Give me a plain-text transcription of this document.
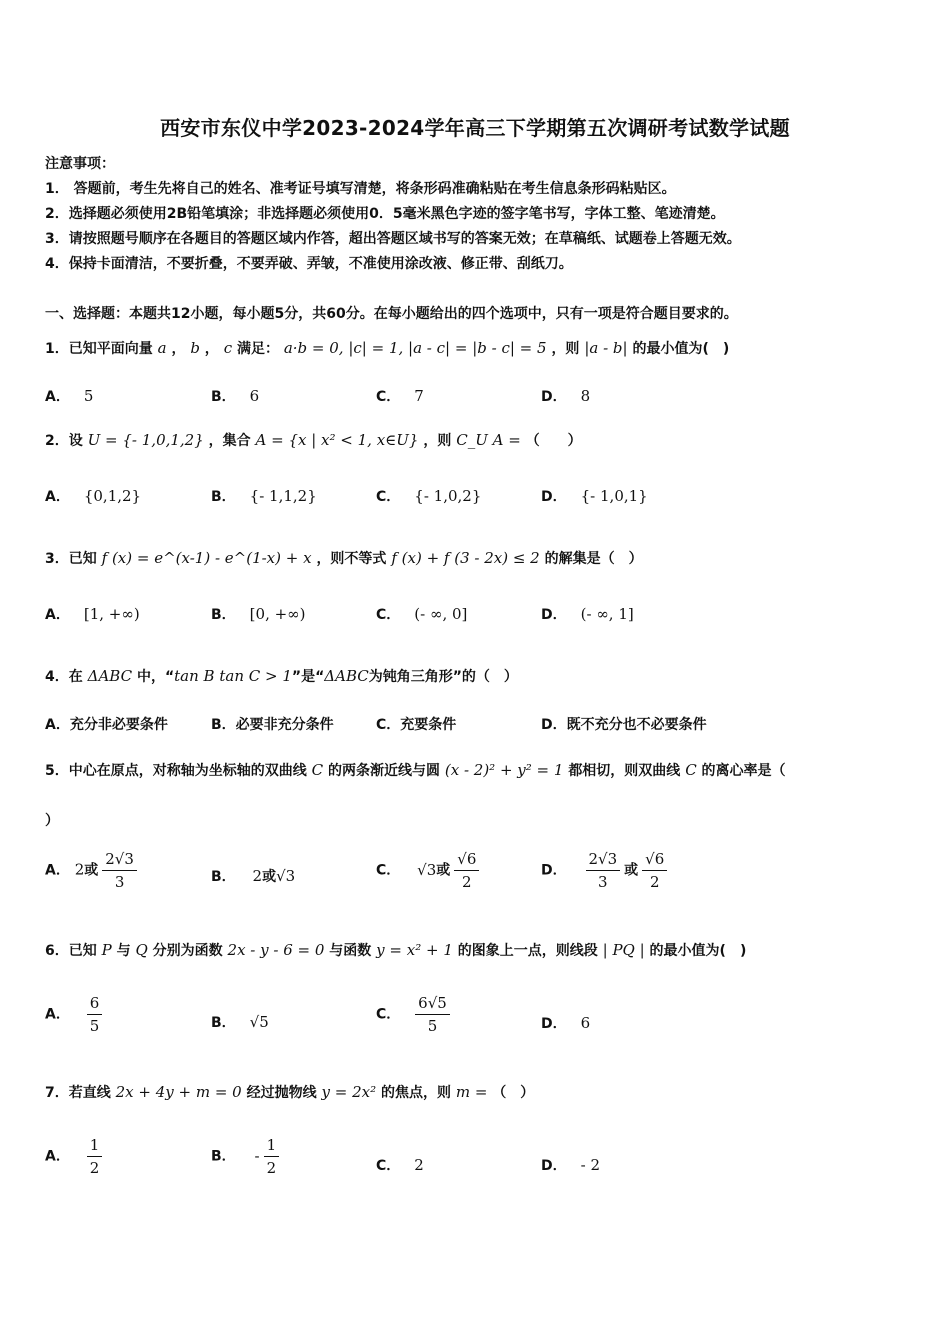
西安市东仪中学2023-2024学年高三下学期第五次调研考试数学试题
注意事项：
1． 答题前，考生先将自己的姓名、准考证号填写清楚，将条形码准确粘贴在考生信息条形码粘贴区。
2．选择题必须使用2B铅笔填涂；非选择题必须使用0．5毫米黑色字迹的签字笔书写，字体工整、笔迹清楚。
3．请按照题号顺序在各题目的答题区域内作答，超出答题区域书写的答案无效；在草稿纸、试题卷上答题无效。
4．保持卡面清洁，不要折叠，不要弄破、弄皱，不准使用涂改液、修正带、刮纸刀。
一、选择题：本题共12小题，每小题5分，共60分。在每小题给出的四个选项中，只有一项是符合题目要求的。
1．已知平面向量 a ， b ， c 满足： a·b = 0, |c| = 1, |a - c| = |b - c| = 5 ，则 |a - b| 的最小值为(　)
A． 5	B． 6	C． 7	D． 8
2．设 U = {- 1,0,1,2} ，集合 A = {x | x² < 1, x∈U} ，则 C_U A = （　　）
A． {0,1,2}	B． {- 1,1,2}	C． {- 1,0,2}	D． {- 1,0,1}
3．已知 f (x) = e^(x-1) - e^(1-x) + x ，则不等式 f (x) + f (3 - 2x) ≤ 2 的解集是（　）
A． [1, +∞)	B． [0, +∞)	C． (- ∞, 0]	D． (- ∞, 1]
4．在 ΔABC 中，“tan B tan C > 1”是“ΔABC为钝角三角形”的（　）
A．充分非必要条件	B．必要非充分条件	C．充要条件	D．既不充分也不必要条件
5．中心在原点，对称轴为坐标轴的双曲线 C 的两条渐近线与圆 (x - 2)² + y² = 1 都相切，则双曲线 C 的离心率是（
）
A． 2或 $\frac{2√3}{3}$	B． 2或√3	C． √3或 $\frac{√6}{2}$	D． $\frac{2√3}{3}$ 或 $\frac{√6}{2}$
6．已知 P 与 Q 分别为函数 2x - y - 6 = 0 与函数 y = x² + 1 的图象上一点，则线段 | PQ | 的最小值为(　)
A． $\frac{6}{5}$	B． √5	C． $\frac{6√5}{5}$	D． 6
7．若直线 2x + 4y + m = 0 经过抛物线 y = 2x² 的焦点，则 m = （　）
A． $\frac{1}{2}$	B． - $\frac{1}{2}$	C． 2	D． - 2
